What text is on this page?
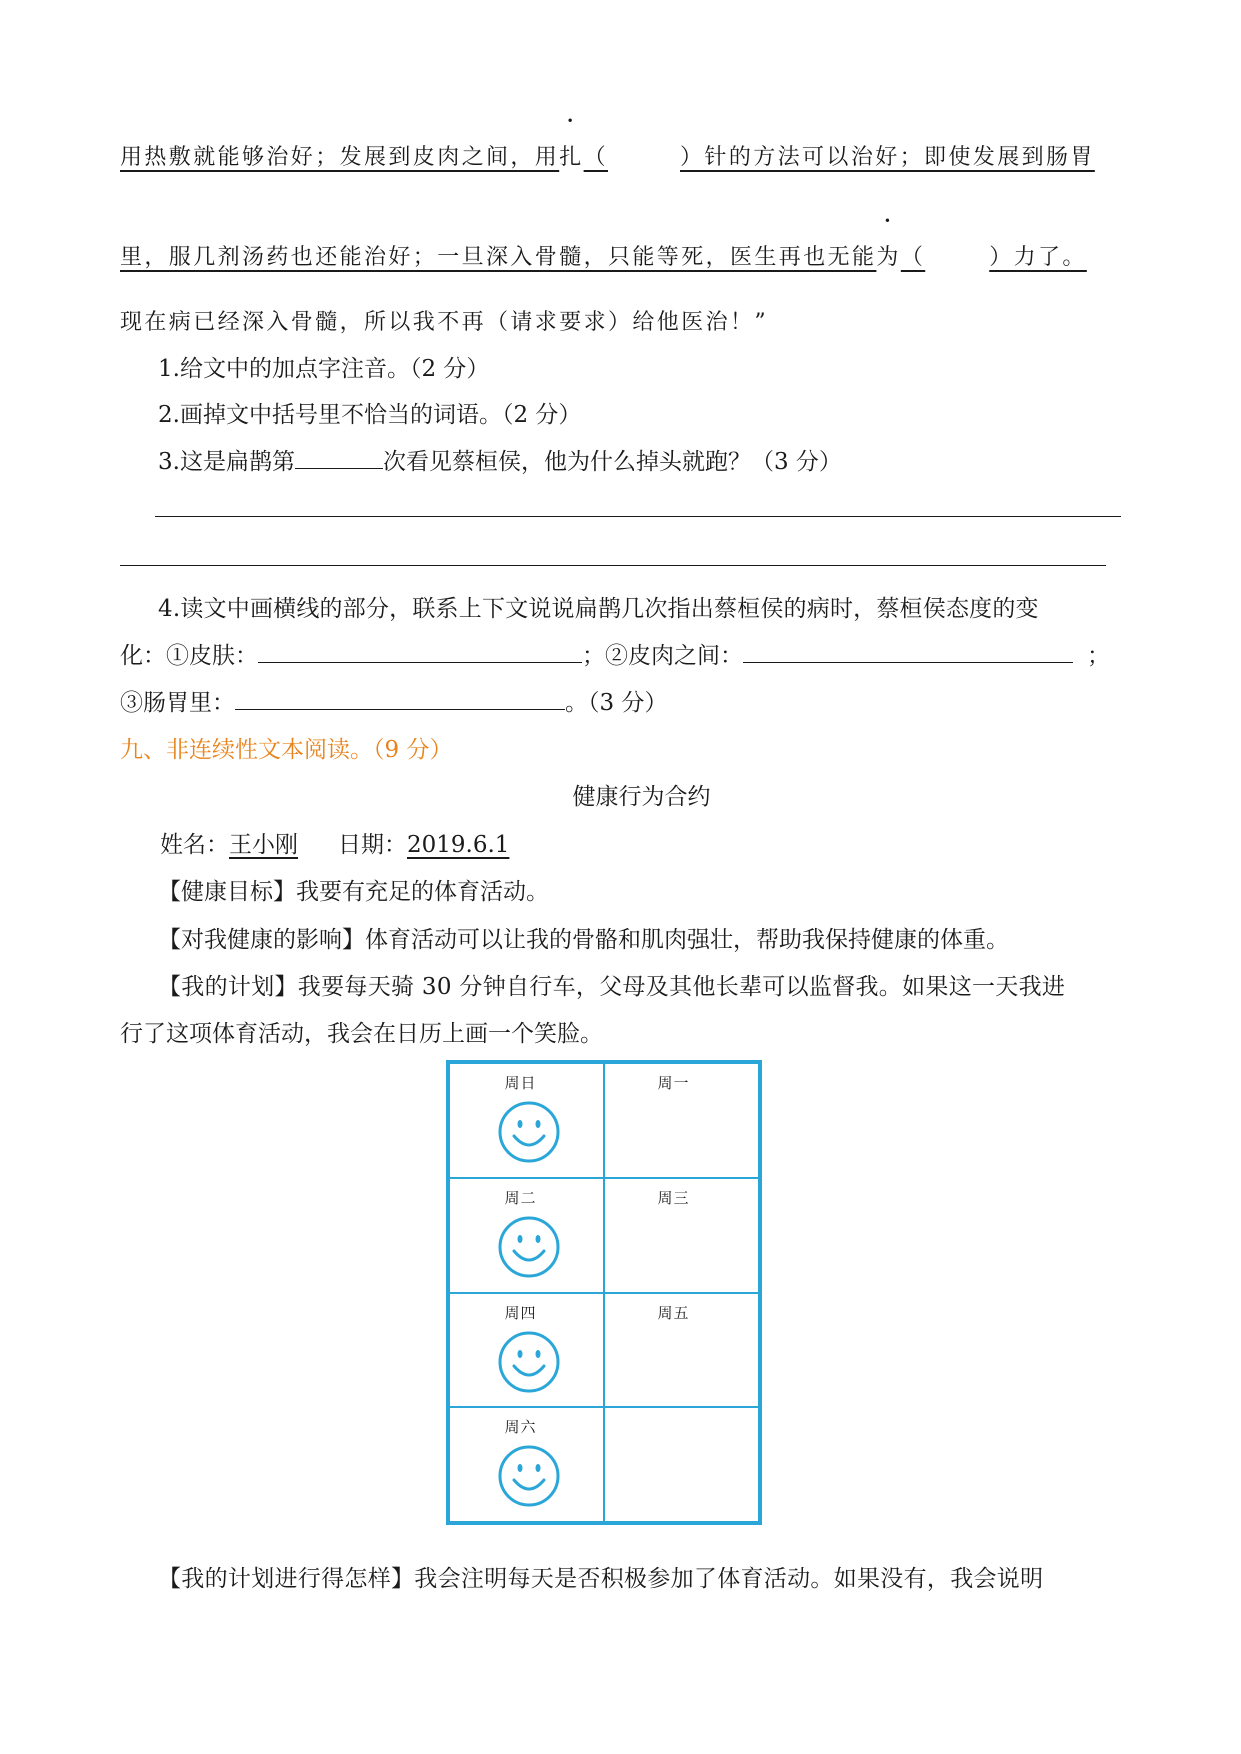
用热敷就能够治好；发展到皮肉之间，用扎（	）针的方法可以治好；即使发展到肠胃
里，服几剂汤药也还能治好；一旦深入骨髓，只能等死，医生再也无能为（	）力了。
现在病已经深入骨髓，所以我不再（请求要求）给他医治！”
1.给文中的加点字注音。（2 分）
2.画掉文中括号里不恰当的词语。（2 分）
3.这是扁鹊第	次看见蔡桓侯，他为什么掉头就跑？（3 分）
4.读文中画横线的部分，联系上下文说说扁鹊几次指出蔡桓侯的病时，蔡桓侯态度的变
化：①皮肤：	；②皮肉之间：	；
③肠胃里：	。（3 分）
九、非连续性文本阅读。（9 分）
健康行为合约
姓名：王小刚 日期：2019.6.1
【健康目标】我要有充足的体育活动。
【对我健康的影响】体育活动可以让我的骨骼和肌肉强壮，帮助我保持健康的体重。
【我的计划】我要每天骑 30 分钟自行车，父母及其他长辈可以监督我。如果这一天我进
行了这项体育活动，我会在日历上画一个笑脸。
周日	周一
周二	周三
周四	周五
周六
【我的计划进行得怎样】我会注明每天是否积极参加了体育活动。如果没有，我会说明
